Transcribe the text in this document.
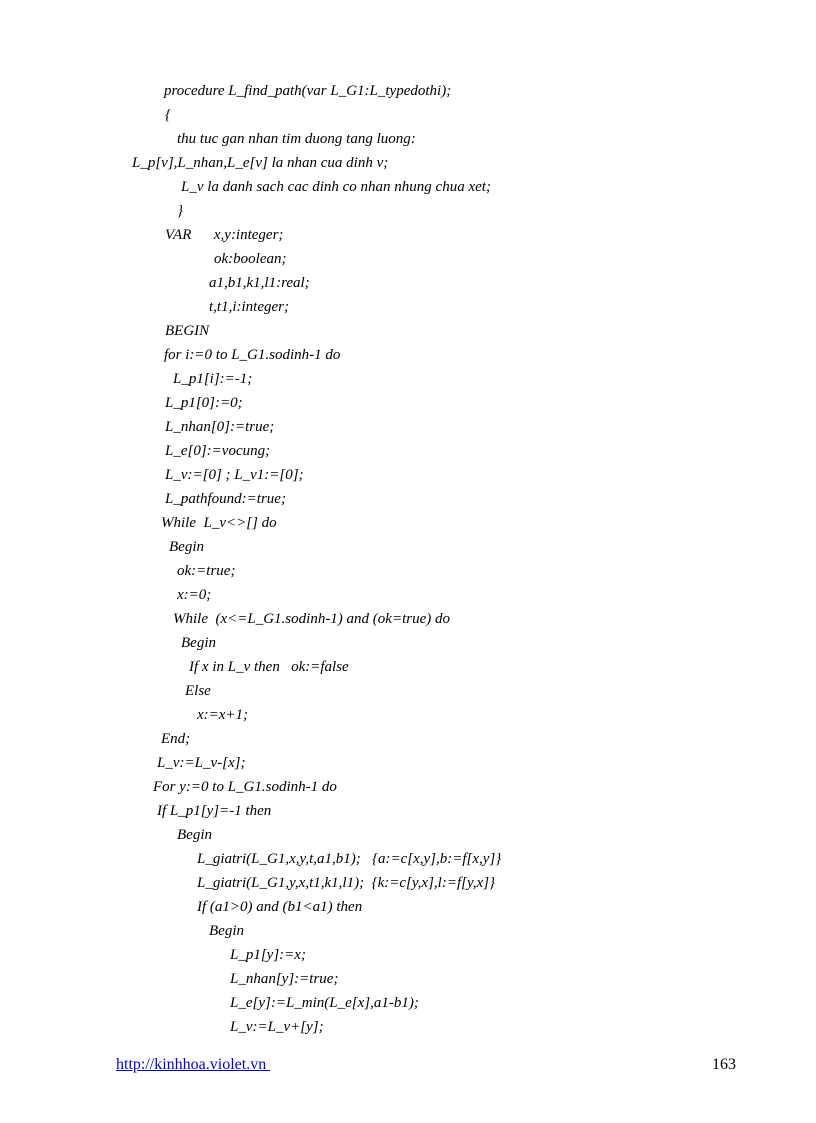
procedure L_find_path(var L_G1:L_typedothi);
{
thu tuc gan nhan tim duong tang luong:
L_p[v],L_nhan,L_e[v] la nhan cua dinh v;
L_v la danh sach cac dinh co nhan nhung chua xet;
}
VAR      x,y:integer;
ok:boolean;
a1,b1,k1,l1:real;
t,t1,i:integer;
BEGIN
for i:=0 to L_G1.sodinh-1 do
L_p1[i]:=-1;
L_p1[0]:=0;
L_nhan[0]:=true;
L_e[0]:=vocung;
L_v:=[0] ; L_v1:=[0];
L_pathfound:=true;
While  L_v<>[] do
Begin
ok:=true;
x:=0;
While  (x<=L_G1.sodinh-1) and (ok=true) do
Begin
If x in L_v then   ok:=false
Else
x:=x+1;
End;
L_v:=L_v-[x];
For y:=0 to L_G1.sodinh-1 do
If L_p1[y]=-1 then
Begin
L_giatri(L_G1,x,y,t,a1,b1);   {a:=c[x,y],b:=f[x,y]}
L_giatri(L_G1,y,x,t1,k1,l1);  {k:=c[y,x],l:=f[y,x]}
If (a1>0) and (b1<a1) then
Begin
L_p1[y]:=x;
L_nhan[y]:=true;
L_e[y]:=L_min(L_e[x],a1-b1);
L_v:=L_v+[y];
http://kinhhoa.violet.vn	163
